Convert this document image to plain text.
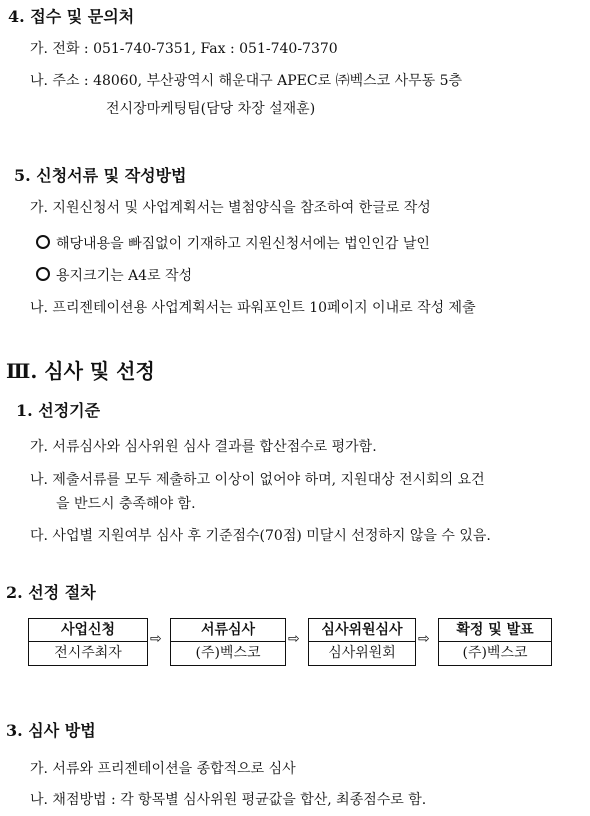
4. 접수 및 문의처
가. 전화 : 051-740-7351, Fax : 051-740-7370
나. 주소 : 48060, 부산광역시 해운대구 APEC로 ㈜벡스코 사무동 5층
전시장마케팅팀(담당 차장 설재훈)
5. 신청서류 및 작성방법
가. 지원신청서 및 사업계획서는 별첨양식을 참조하여 한글로 작성
해당내용을 빠짐없이 기재하고 지원신청서에는 법인인감 날인
용지크기는 A4로 작성
나. 프리젠테이션용 사업계획서는 파워포인트 10페이지 이내로 작성 제출
Ⅲ. 심사 및 선정
1. 선정기준
가. 서류심사와 심사위원 심사 결과를 합산점수로 평가함.
나. 제출서류를 모두 제출하고 이상이 없어야 하며, 지원대상 전시회의 요건
을 반드시 충족해야 함.
다. 사업별 지원여부 심사 후 기준점수(70점) 미달시 선정하지 않을 수 있음.
2. 선정 절차
사업신청
전시주최자
⇨
서류심사
(주)벡스코
⇨
심사위원심사
심사위원회
⇨
확정 및 발표
(주)벡스코
3. 심사 방법
가. 서류와 프리젠테이션을 종합적으로 심사
나. 채점방법 : 각 항목별 심사위원 평균값을 합산, 최종점수로 함.
